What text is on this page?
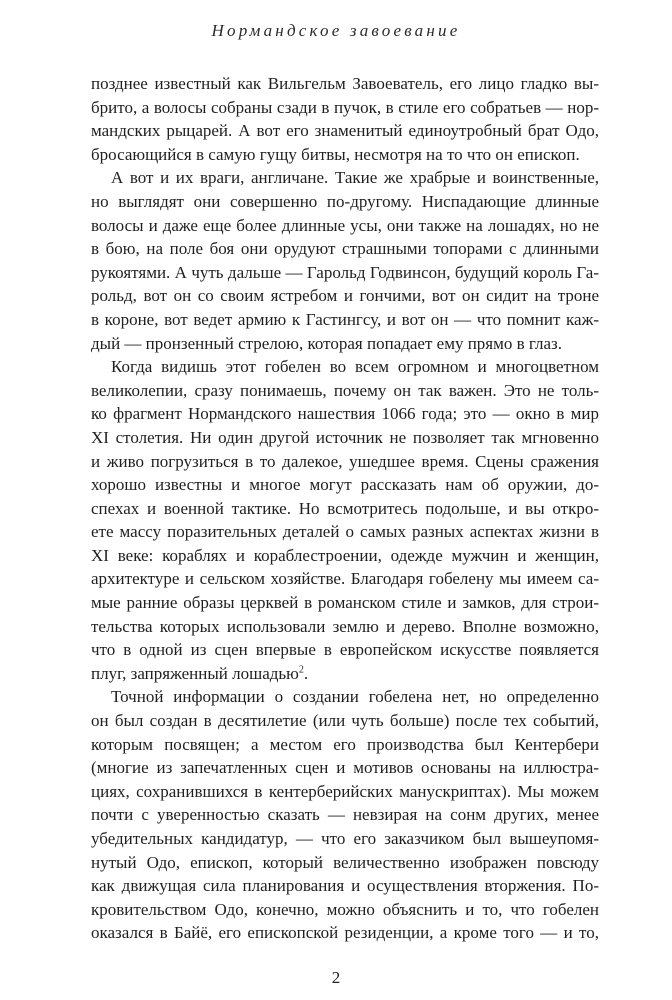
Нормандское завоевание
позднее известный как Вильгельм Завоеватель, его лицо гладко вы-
брито, а волосы собраны сзади в пучок, в стиле его собратьев — нор-
мандских рыцарей. А вот его знаменитый единоутробный брат Одо,
бросающийся в самую гущу битвы, несмотря на то что он епископ.
А вот и их враги, англичане. Такие же храбрые и воинственные,
но выглядят они совершенно по-другому. Ниспадающие длинные
волосы и даже еще более длинные усы, они также на лошадях, но не
в бою, на поле боя они орудуют страшными топорами с длинными
рукоятями. А чуть дальше — Гарольд Годвинсон, будущий король Га-
рольд, вот он со своим ястребом и гончими, вот он сидит на троне
в короне, вот ведет армию к Гастингсу, и вот он — что помнит каж-
дый — пронзенный стрелою, которая попадает ему прямо в глаз.
Когда видишь этот гобелен во всем огромном и многоцветном
великолепии, сразу понимаешь, почему он так важен. Это не толь-
ко фрагмент Нормандского нашествия 1066 года; это — окно в мир
XI столетия. Ни один другой источник не позволяет так мгновенно
и живо погрузиться в то далекое, ушедшее время. Сцены сражения
хорошо известны и многое могут рассказать нам об оружии, до-
спехах и военной тактике. Но всмотритесь подольше, и вы откро-
ете массу поразительных деталей о самых разных аспектах жизни в
XI веке: кораблях и кораблестроении, одежде мужчин и женщин,
архитектуре и сельском хозяйстве. Благодаря гобелену мы имеем са-
мые ранние образы церквей в романском стиле и замков, для строи-
тельства которых использовали землю и дерево. Вполне возможно,
что в одной из сцен впервые в европейском искусстве появляется
плуг, запряженный лошадью$^2$.
Точной информации о создании гобелена нет, но определенно
он был создан в десятилетие (или чуть больше) после тех событий,
которым посвящен; а местом его производства был Кентербери
(многие из запечатленных сцен и мотивов основаны на иллюстра-
циях, сохранившихся в кентерберийских манускриптах). Мы можем
почти с уверенностью сказать — невзирая на сонм других, менее
убедительных кандидатур, — что его заказчиком был вышеупомя-
нутый Одо, епископ, который величественно изображен повсюду
как движущая сила планирования и осуществления вторжения. По-
кровительством Одо, конечно, можно объяснить и то, что гобелен
оказался в Байё, его епископской резиденции, а кроме того — и то,
2
